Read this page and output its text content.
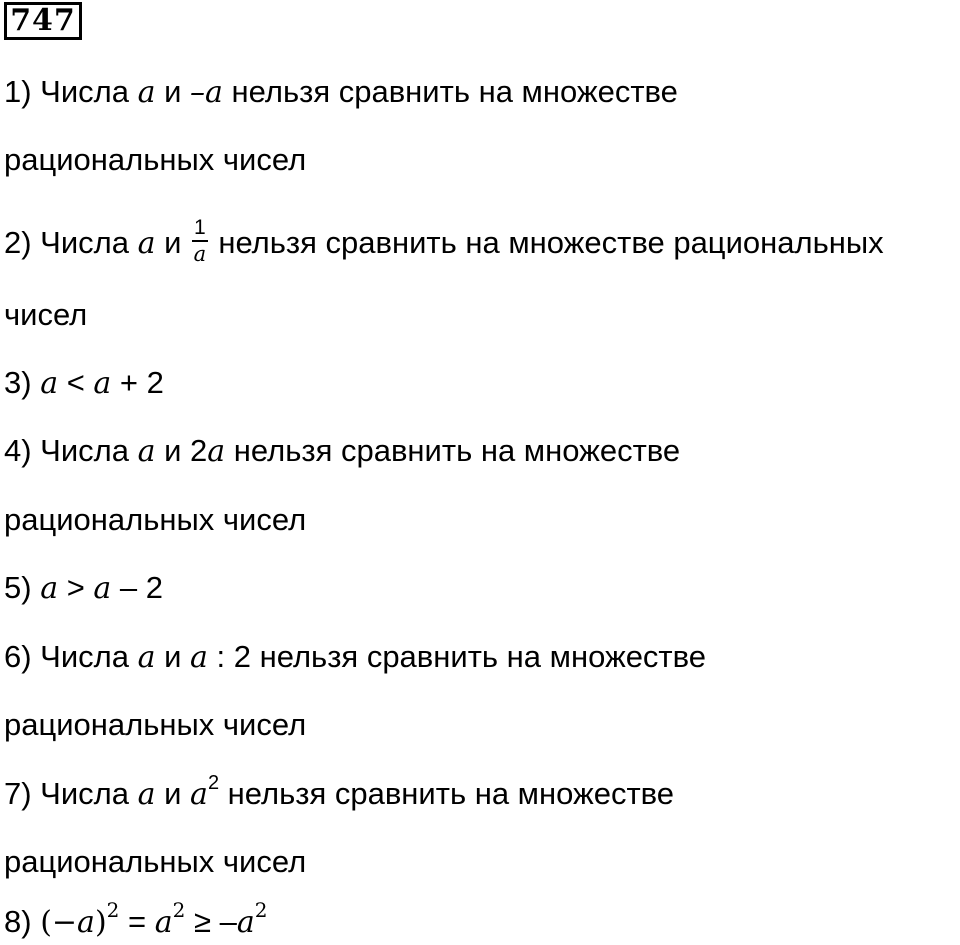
747
1) Числа a и –a нельзя сравнить на множестве
рациональных чисел
2) Числа a и $\frac{1}{a}$ нельзя сравнить на множестве рациональных
чисел
3) a < a + 2
4) Числа a и 2a нельзя сравнить на множестве
рациональных чисел
5) a > a – 2
6) Числа a и a : 2 нельзя сравнить на множестве
рациональных чисел
7) Числа a и $a^2$ нельзя сравнить на множестве
рациональных чисел
8) $(-a)^2 = a^2 \ge -a^2$
